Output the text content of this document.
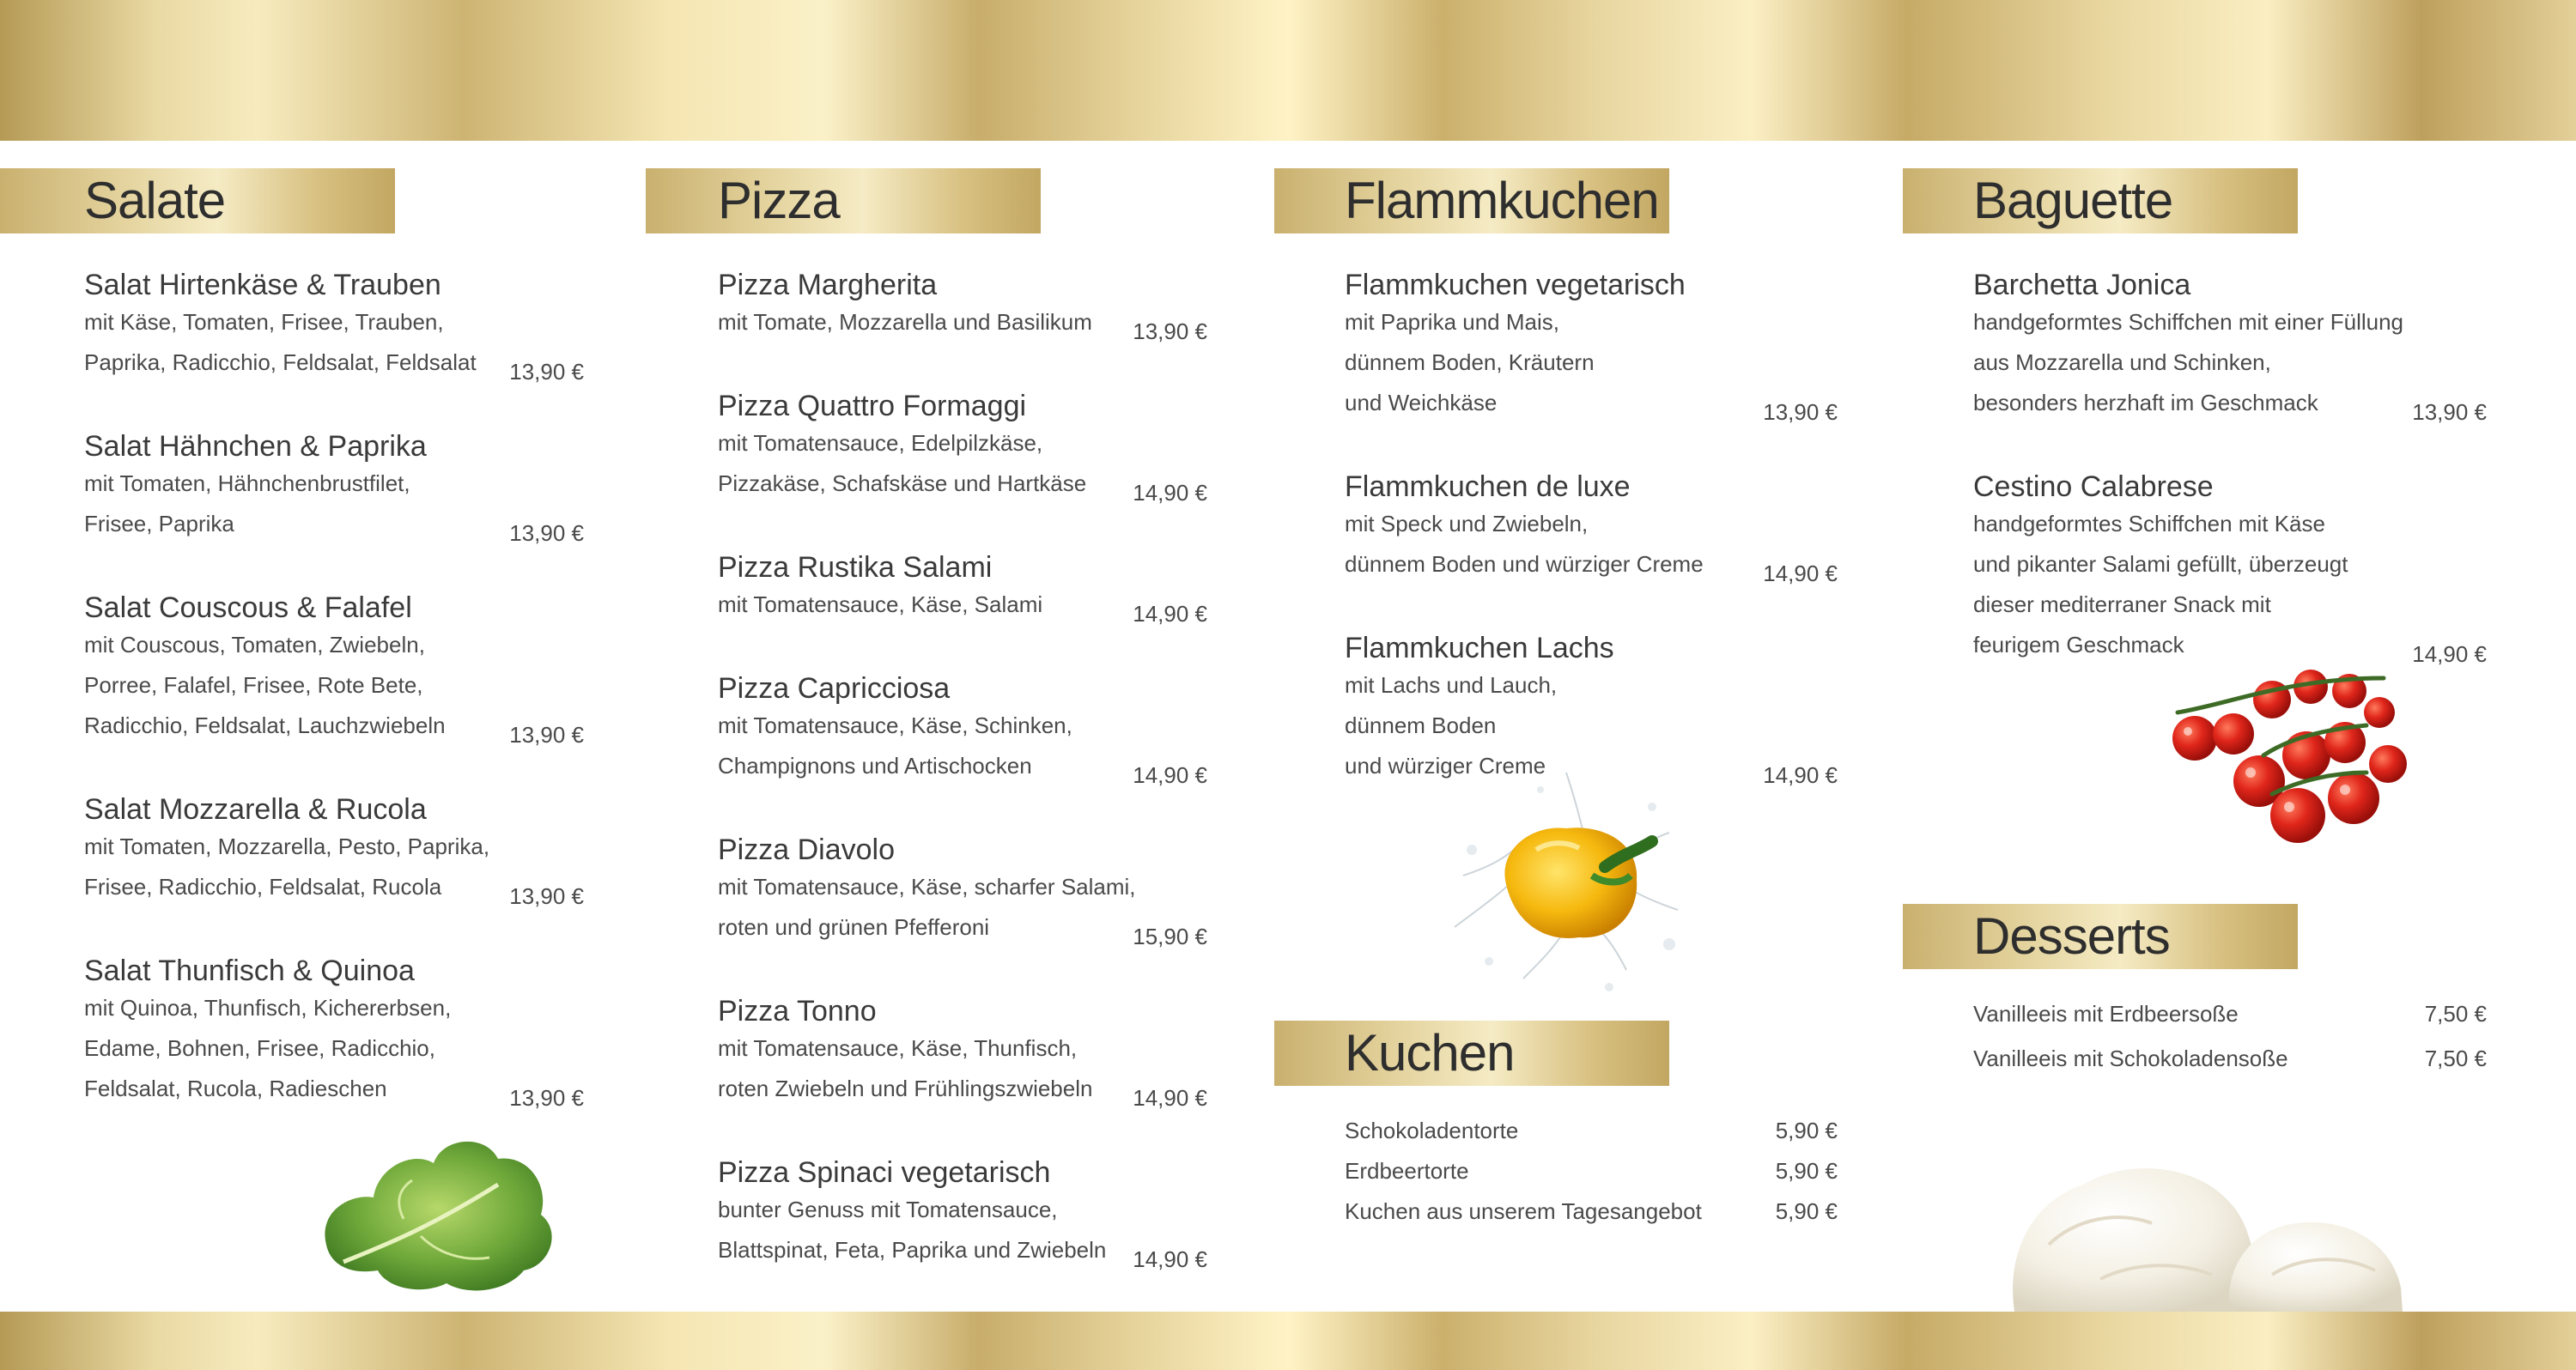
Salate
Salat Hirtenkäse & Trauben
mit Käse, Tomaten, Frisee, Trauben,
Paprika, Radicchio, Feldsalat, Feldsalat	13,90 €
Salat Hähnchen & Paprika
mit Tomaten, Hähnchenbrustfilet,
Frisee, Paprika	13,90 €
Salat Couscous & Falafel
mit Couscous, Tomaten, Zwiebeln,
Porree, Falafel, Frisee, Rote Bete,
Radicchio, Feldsalat, Lauchzwiebeln	13,90 €
Salat Mozzarella & Rucola
mit Tomaten, Mozzarella, Pesto, Paprika,
Frisee, Radicchio, Feldsalat, Rucola	13,90 €
Salat Thunfisch & Quinoa
mit Quinoa, Thunfisch, Kichererbsen,
Edame, Bohnen, Frisee, Radicchio,
Feldsalat, Rucola, Radieschen	13,90 €
Pizza
Pizza Margherita
mit Tomate, Mozzarella und Basilikum	13,90 €
Pizza Quattro Formaggi
mit Tomatensauce, Edelpilzkäse,
Pizzakäse, Schafskäse und Hartkäse	14,90 €
Pizza Rustika Salami
mit Tomatensauce, Käse, Salami	14,90 €
Pizza Capricciosa
mit Tomatensauce, Käse, Schinken,
Champignons und Artischocken	14,90 €
Pizza Diavolo
mit Tomatensauce, Käse, scharfer Salami,
roten und grünen Pfefferoni	15,90 €
Pizza Tonno
mit Tomatensauce, Käse, Thunfisch,
roten Zwiebeln und Frühlingszwiebeln	14,90 €
Pizza Spinaci vegetarisch
bunter Genuss mit Tomatensauce,
Blattspinat, Feta, Paprika und Zwiebeln	14,90 €
Flammkuchen
Flammkuchen vegetarisch
mit Paprika und Mais,
dünnem Boden, Kräutern
und Weichkäse	13,90 €
Flammkuchen de luxe
mit Speck und Zwiebeln,
dünnem Boden und würziger Creme	14,90 €
Flammkuchen Lachs
mit Lachs und Lauch,
dünnem Boden
und würziger Creme	14,90 €
Kuchen
Schokoladentorte	5,90 €
Erdbeertorte	5,90 €
Kuchen aus unserem Tagesangebot	5,90 €
Baguette
Barchetta Jonica
handgeformtes Schiffchen mit einer Füllung
aus Mozzarella und Schinken,
besonders herzhaft im Geschmack	13,90 €
Cestino Calabrese
handgeformtes Schiffchen mit Käse
und pikanter Salami gefüllt, überzeugt
dieser mediterraner Snack mit
feurigem Geschmack	14,90 €
Desserts
Vanilleeis mit Erdbeersoße	7,50 €
Vanilleeis mit Schokoladensoße	7,50 €
